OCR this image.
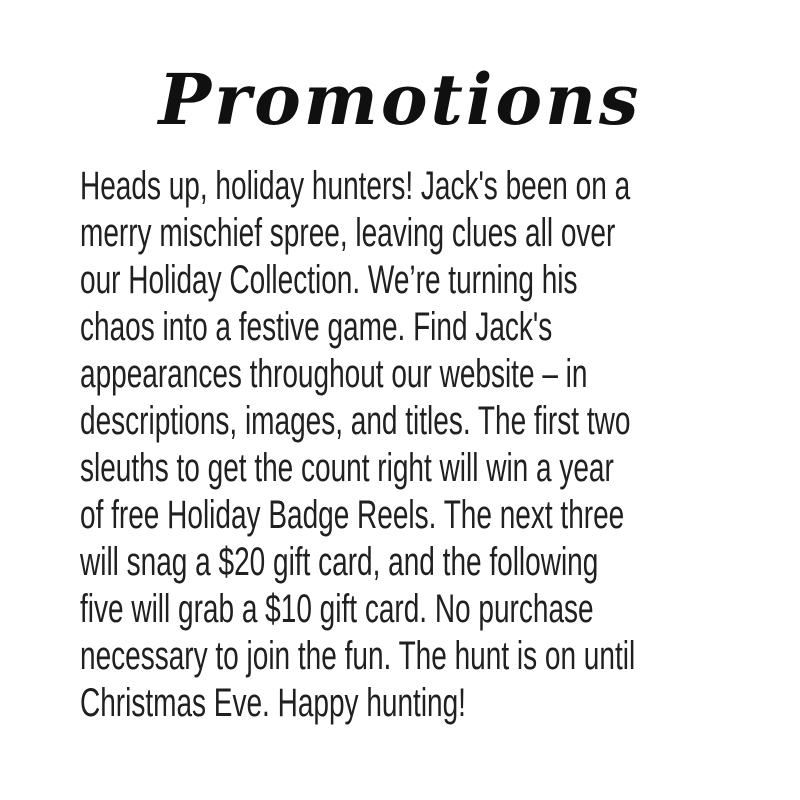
Promotions
Heads up, holiday hunters! Jack's been on a
merry mischief spree, leaving clues all over
our Holiday Collection. We’re turning his
chaos into a festive game. Find Jack's
appearances throughout our website – in
descriptions, images, and titles. The first two
sleuths to get the count right will win a year
of free Holiday Badge Reels. The next three
will snag a $20 gift card, and the following
five will grab a $10 gift card. No purchase
necessary to join the fun. The hunt is on until
Christmas Eve. Happy hunting!
